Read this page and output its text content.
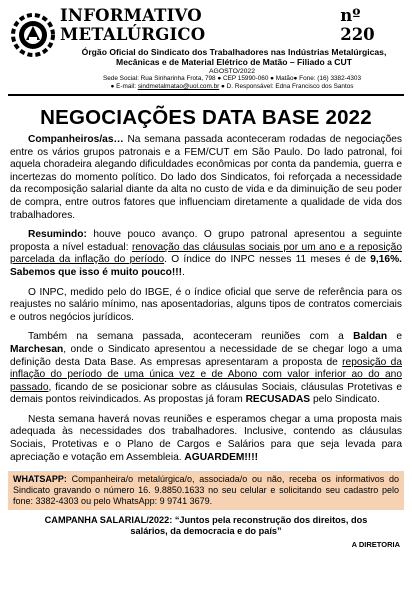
INFORMATIVO METALÚRGICO
nº 220
Órgão Oficial do Sindicato dos Trabalhadores nas Indústrias Metalúrgicas,
Mecânicas e de Material Elétrico de Matão – Filiado a CUT
AGOSTO/2022
Sede Social: Rua Sinharinha Frota, 798 ● CEP 15990-060 ● Matão● Fone: (16) 3382-4303
● E-mail: sindmetalmatao@uol.com.br ● D. Responsável: Edna Francisco dos Santos
NEGOCIAÇÕES DATA BASE 2022

Companheiros/as… Na semana passada aconteceram rodadas de negociações entre os vários grupos patronais e a FEM/CUT em São Paulo. Do lado patronal, foi aquela choradeira alegando dificuldades econômicas por conta da pandemia, guerra e incertezas do momento político. Do lado dos Sindicatos, foi reforçada a necessidade da recomposição salarial diante da alta no custo de vida e da diminuição de seu poder de compra, entre outros fatores que influenciam diretamente a qualidade de vida dos trabalhadores.

Resumindo: houve pouco avanço. O grupo patronal apresentou a seguinte proposta a nível estadual: renovação das cláusulas sociais por um ano e a reposição parcelada da inflação do período. O índice do INPC nesses 11 meses é de 9,16%. Sabemos que isso é muito pouco!!!.

O INPC, medido pelo do IBGE, é o índice oficial que serve de referência para os reajustes no salário mínimo, nas aposentadorias, alguns tipos de contratos comerciais e outros negócios jurídicos.

Também na semana passada, aconteceram reuniões com a Baldan e Marchesan, onde o Sindicato apresentou a necessidade de se chegar logo a uma definição desta Data Base. As empresas apresentaram a proposta de reposição da inflação do período de uma única vez e de Abono com valor inferior ao do ano passado, ficando de se posicionar sobre as cláusulas Sociais, cláusulas Protetivas e demais pontos reivindicados. As propostas já foram RECUSADAS pelo Sindicato.

Nesta semana haverá novas reuniões e esperamos chegar a uma proposta mais adequada às necessidades dos trabalhadores. Inclusive, contendo as cláusulas Sociais, Protetivas e o Plano de Cargos e Salários para que seja levada para apreciação e votação em Assembleia. AGUARDEM!!!!

WHATSAPP: Companheira/o metalúrgica/o, associada/o ou não, receba os informativos do Sindicato gravando o número 16. 9.8850.1633 no seu celular e solicitando seu cadastro pelo fone: 3382-4303 ou pelo WhatsApp: 9 9741 3679.
CAMPANHA SALARIAL/2022: “Juntos pela reconstrução dos direitos, dos
salários, da democracia e do país”
A DIRETORIA
